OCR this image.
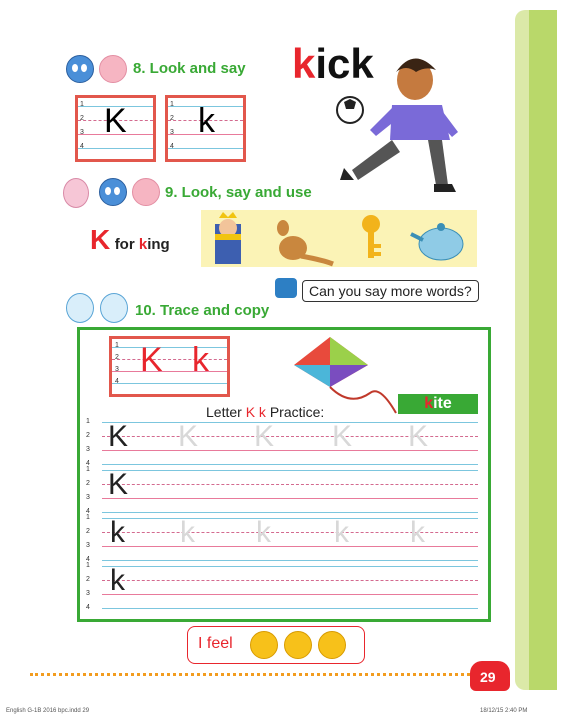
8. Look and say
1
2
3
4
K	1
2
3
4
k
kick
9. Look, say and use
K for king
Can you say more words?
10. Trace and copy
1
2
3
4
K k
Letter K k Practice:	kite
1
2
3
4
K K K K K
1
2
3
4
K
1
2
3
4
k k k k k
1
2
3
4
k
I feel
29
English G-1B 2016 bpc.indd 29	18/12/15 2:40 PM
